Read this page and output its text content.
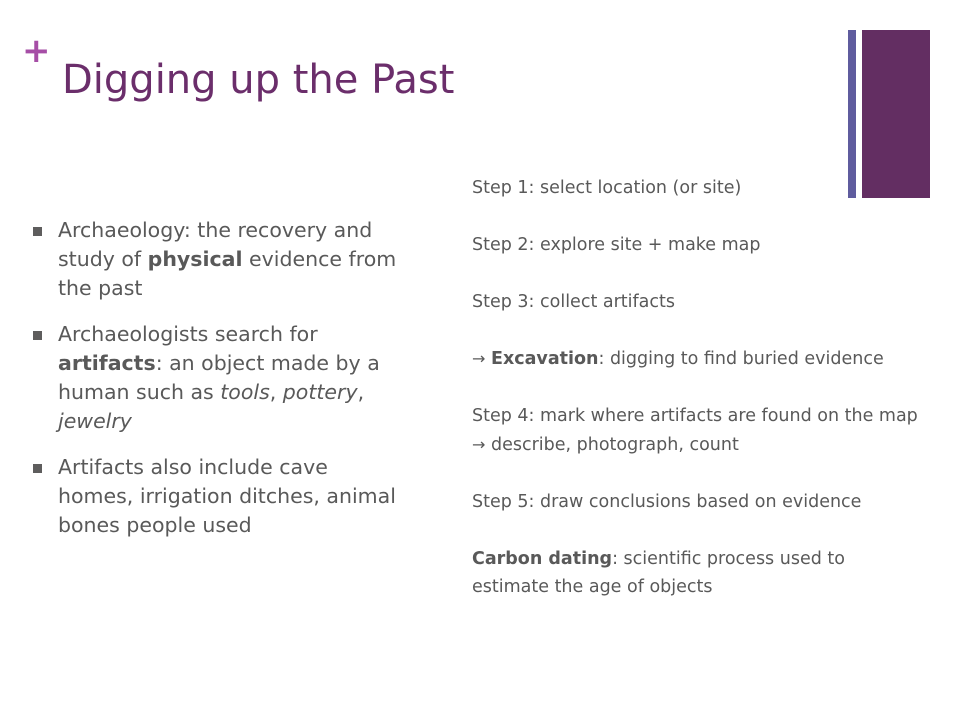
+
Digging up the Past
Archaeology: the recovery and study of physical evidence from the past
Archaeologists search for artifacts: an object made by a human such as tools, pottery, jewelry
Artifacts also include cave homes, irrigation ditches, animal bones people used

Step 1: select location (or site)

Step 2: explore site + make map

Step 3: collect artifacts

→ Excavation: digging to find buried evidence

Step 4: mark where artifacts are found on the map → describe, photograph, count

Step 5: draw conclusions based on evidence

Carbon dating: scientific process used to estimate the age of objects
